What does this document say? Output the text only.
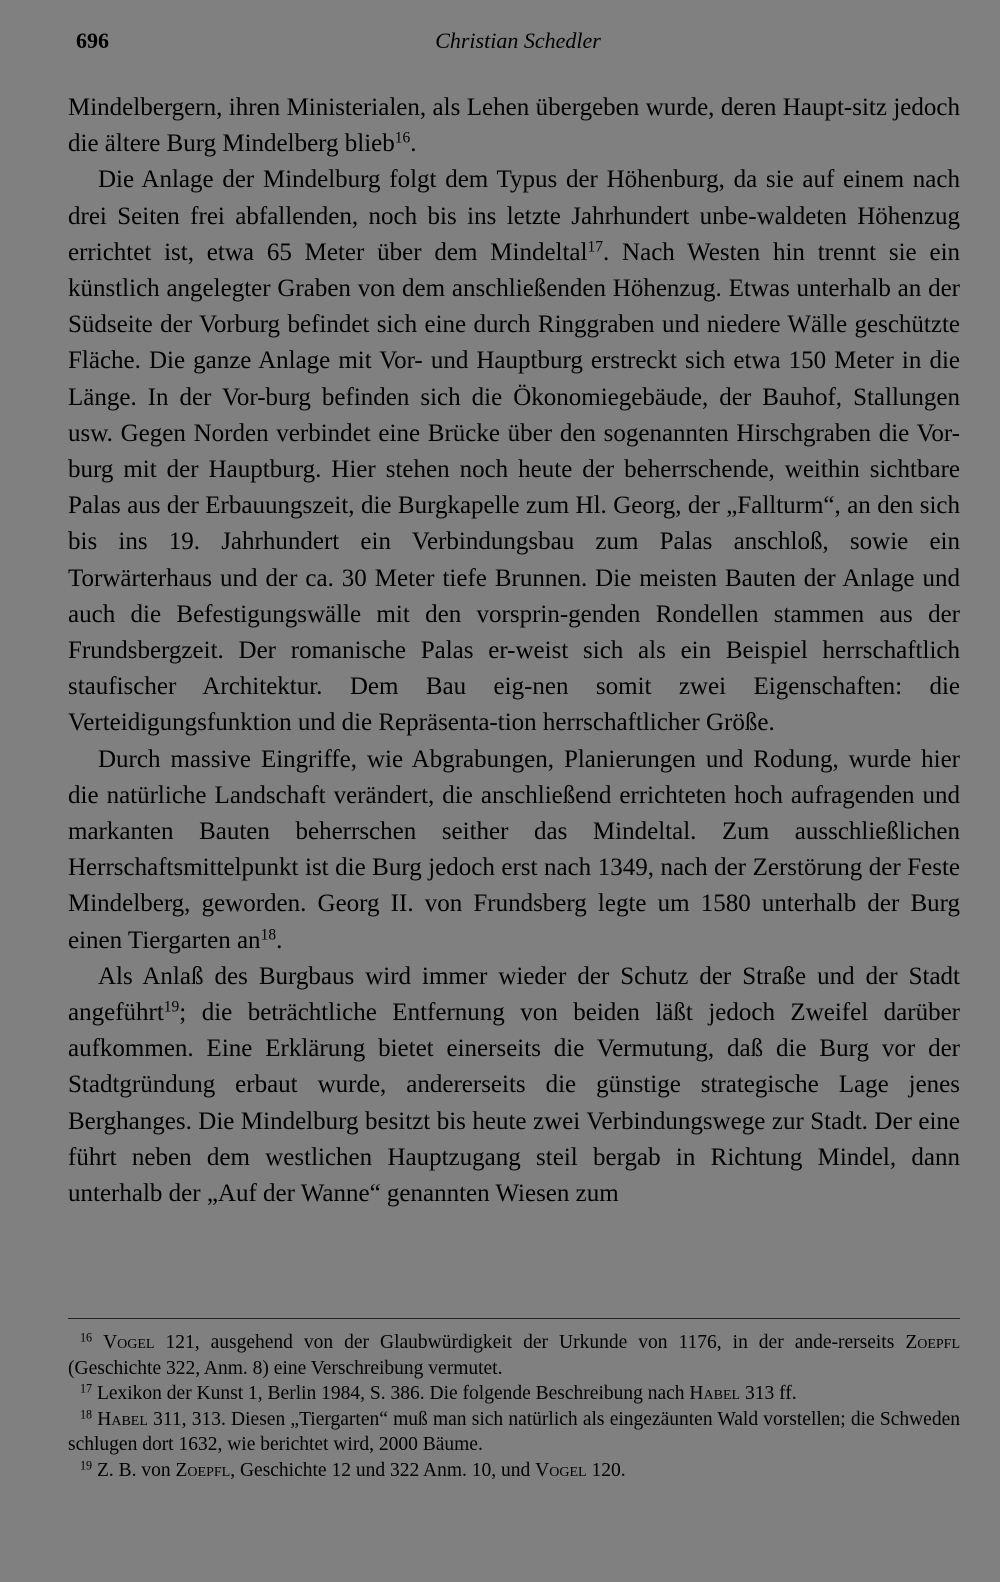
696	Christian Schedler

Mindelbergern, ihren Ministerialen, als Lehen übergeben wurde, deren Haupt-sitz jedoch die ältere Burg Mindelberg blieb$^{16}$.

Die Anlage der Mindelburg folgt dem Typus der Höhenburg, da sie auf einem nach drei Seiten frei abfallenden, noch bis ins letzte Jahrhundert unbe-waldeten Höhenzug errichtet ist, etwa 65 Meter über dem Mindeltal$^{17}$. Nach Westen hin trennt sie ein künstlich angelegter Graben von dem anschließenden Höhenzug. Etwas unterhalb an der Südseite der Vorburg befindet sich eine durch Ringgraben und niedere Wälle geschützte Fläche. Die ganze Anlage mit Vor- und Hauptburg erstreckt sich etwa 150 Meter in die Länge. In der Vor-burg befinden sich die Ökonomiegebäude, der Bauhof, Stallungen usw. Gegen Norden verbindet eine Brücke über den sogenannten Hirschgraben die Vor-burg mit der Hauptburg. Hier stehen noch heute der beherrschende, weithin sichtbare Palas aus der Erbauungszeit, die Burgkapelle zum Hl. Georg, der „Fallturm“, an den sich bis ins 19. Jahrhundert ein Verbindungsbau zum Palas anschloß, sowie ein Torwärterhaus und der ca. 30 Meter tiefe Brunnen. Die meisten Bauten der Anlage und auch die Befestigungswälle mit den vorsprin-genden Rondellen stammen aus der Frundsbergzeit. Der romanische Palas er-weist sich als ein Beispiel herrschaftlich staufischer Architektur. Dem Bau eig-nen somit zwei Eigenschaften: die Verteidigungsfunktion und die Repräsenta-tion herrschaftlicher Größe.

Durch massive Eingriffe, wie Abgrabungen, Planierungen und Rodung, wurde hier die natürliche Landschaft verändert, die anschließend errichteten hoch aufragenden und markanten Bauten beherrschen seither das Mindeltal. Zum ausschließlichen Herrschaftsmittelpunkt ist die Burg jedoch erst nach 1349, nach der Zerstörung der Feste Mindelberg, geworden. Georg II. von Frundsberg legte um 1580 unterhalb der Burg einen Tiergarten $an^{18}$.

Als Anlaß des Burgbaus wird immer wieder der Schutz der Straße und der Stadt angeführt$^{19}$; die beträchtliche Entfernung von beiden läßt jedoch Zweifel darüber aufkommen. Eine Erklärung bietet einerseits die Vermutung, daß die Burg vor der Stadtgründung erbaut wurde, andererseits die günstige strategische Lage jenes Berghanges. Die Mindelburg besitzt bis heute zwei Verbindungswege zur Stadt. Der eine führt neben dem westlichen Hauptzugang steil bergab in Richtung Mindel, dann unterhalb der „Auf der Wanne“ genannten Wiesen zum

$^{16}$ Vogel 121, ausgehend von der Glaubwürdigkeit der Urkunde von 1176, in der ande-rerseits Zoepfl (Geschichte 322, Anm. 8) eine Verschreibung vermutet.

$^{17}$ Lexikon der Kunst 1, Berlin 1984, S. 386. Die folgende Beschreibung nach Habel 313 ff.

$^{18}$ Habel 311, 313. Diesen „Tiergarten“ muß man sich natürlich als eingezäunten Wald vorstellen; die Schweden schlugen dort 1632, wie berichtet wird, 2000 Bäume.

$^{19}$ Z. B. von Zoepfl, Geschichte 12 und 322 Anm. 10, und Vogel 120.
